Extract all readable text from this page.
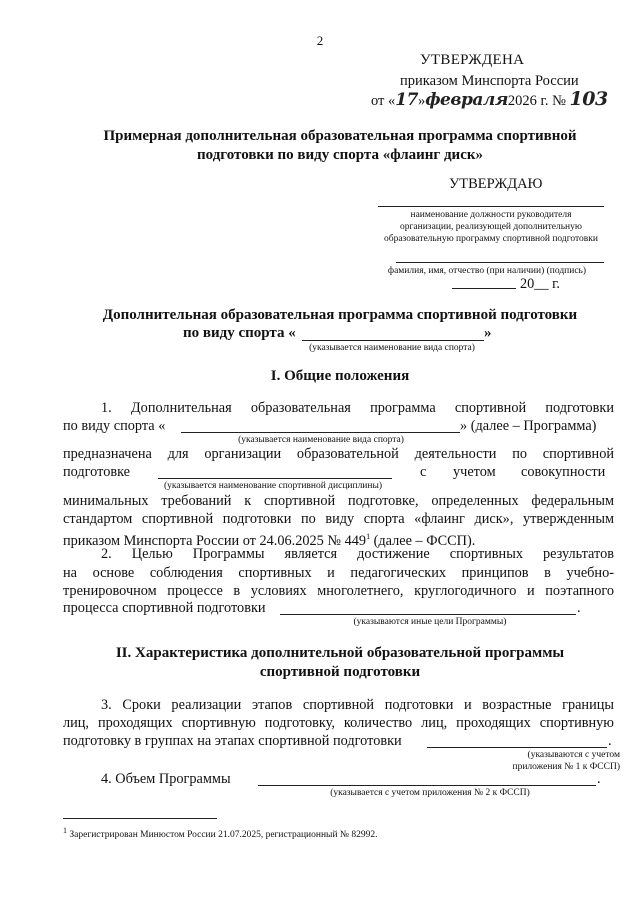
2
УТВЕРЖДЕНА
приказом Минспорта России
от «17»февраля2026 г. № 103
Примерная дополнительная образовательная программа спортивной
подготовки по виду спорта «флаинг диск»
УТВЕРЖДАЮ
наименование должности руководителя
организации, реализующей дополнительную
образовательную программу спортивной подготовки
фамилия, имя, отчество (при наличии) (подпись)
20__ г.
Дополнительная образовательная программа спортивной подготовки
по виду спорта «	»
(указывается наименование вида спорта)
I. Общие положения
1. Дополнительная образовательная программа спортивной подготовки
по виду спорта «	» (далее – Программа)
(указывается наименование вида спорта)
предназначена для организации образовательной деятельности по спортивной
подготовке	с учетом совокупности
(указывается наименование спортивной дисциплины)
минимальных требований к спортивной подготовке, определенных федеральным
стандартом спортивной подготовки по виду спорта «флаинг диск», утвержденным
приказом Минспорта России от 24.06.2025 № $449^1$ (далее – ФССП).
2. Целью Программы является достижение спортивных результатов
на основе соблюдения спортивных и педагогических принципов в учебно-
тренировочном процессе в условиях многолетнего, круглогодичного и поэтапного
процесса спортивной подготовки	.
(указываются иные цели Программы)
II. Характеристика дополнительной образовательной программы
спортивной подготовки
3. Сроки реализации этапов спортивной подготовки и возрастные границы
лиц, проходящих спортивную подготовку, количество лиц, проходящих спортивную
подготовку в группах на этапах спортивной подготовки	.
(указываются с учетом
приложения № 1 к ФССП)
4. Объем Программы	.
(указывается с учетом приложения № 2 к ФССП)
$^1$ Зарегистрирован Минюстом России 21.07.2025, регистрационный № 82992.
